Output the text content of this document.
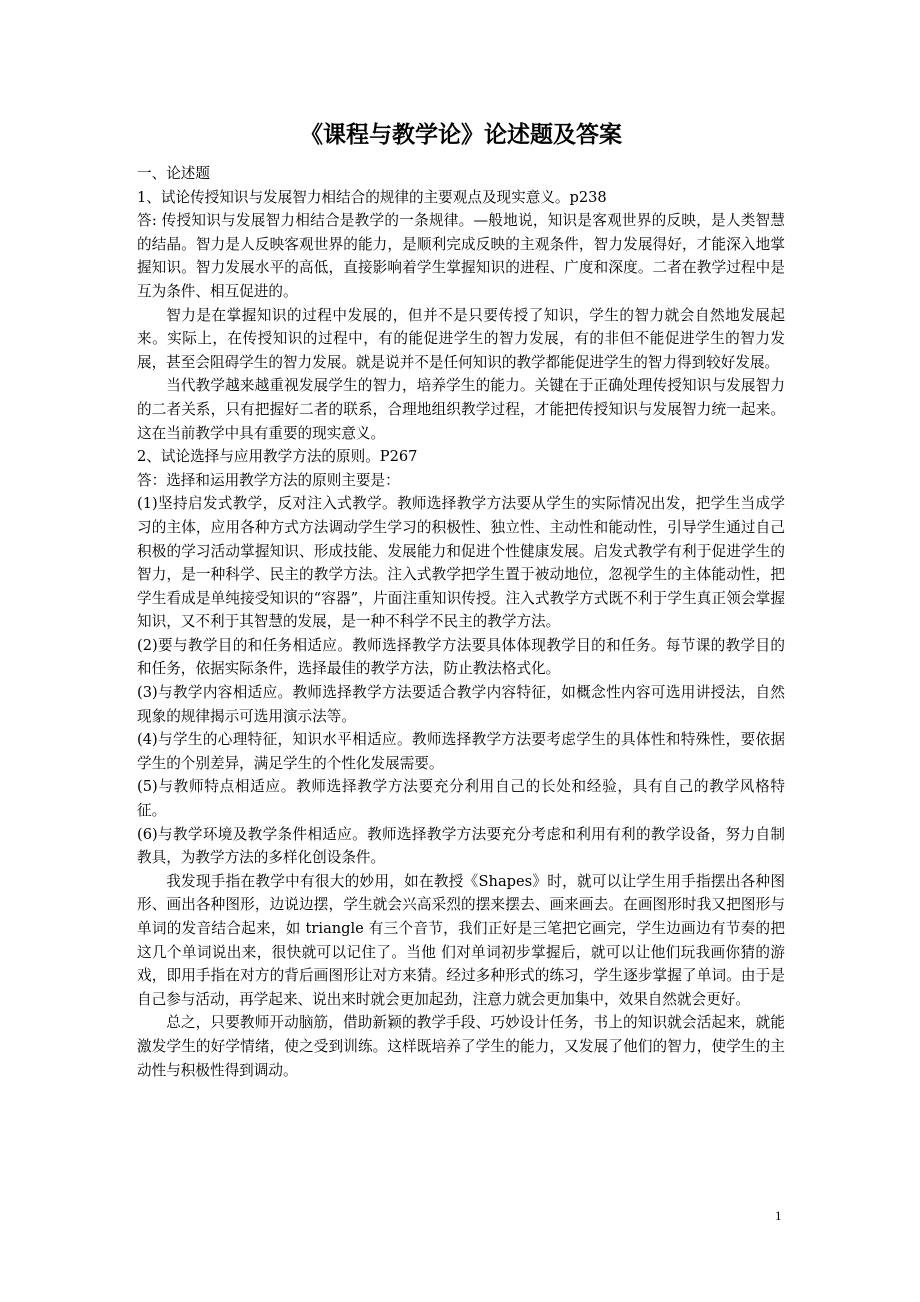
《课程与教学论》论述题及答案

一、论述题

1、试论传授知识与发展智力相结合的规律的主要观点及现实意义。p238

答: 传授知识与发展智力相结合是教学的一条规律。—般地说，知识是客观世界的反映，是人类智慧的结晶。智力是人反映客观世界的能力，是顺利完成反映的主观条件，智力发展得好，才能深入地掌握知识。智力发展水平的高低，直接影响着学生掌握知识的进程、广度和深度。二者在教学过程中是互为条件、相互促进的。

智力是在掌握知识的过程中发展的，但并不是只要传授了知识，学生的智力就会自然地发展起来。实际上，在传授知识的过程中，有的能促进学生的智力发展，有的非但不能促进学生的智力发展，甚至会阻碍学生的智力发展。就是说并不是任何知识的教学都能促进学生的智力得到较好发展。

当代教学越来越重视发展学生的智力，培养学生的能力。关键在于正确处理传授知识与发展智力的二者关系，只有把握好二者的联系，合理地组织教学过程，才能把传授知识与发展智力统一起来。这在当前教学中具有重要的现实意义。

2、试论选择与应用教学方法的原则。P267

答：选择和运用教学方法的原则主要是：

(1)坚持启发式教学，反对注入式教学。教师选择教学方法要从学生的实际情况出发，把学生当成学习的主体，应用各种方式方法调动学生学习的积极性、独立性、主动性和能动性，引导学生通过自己积极的学习活动掌握知识、形成技能、发展能力和促进个性健康发展。启发式教学有利于促进学生的智力，是一种科学、民主的教学方法。注入式教学把学生置于被动地位，忽视学生的主体能动性，把学生看成是单纯接受知识的“容器”，片面注重知识传授。注入式教学方式既不利于学生真正领会掌握知识，又不利于其智慧的发展，是一种不科学不民主的教学方法。

(2)要与教学目的和任务相适应。教师选择教学方法要具体体现教学目的和任务。每节课的教学目的和任务，依据实际条件，选择最佳的教学方法，防止教法格式化。

(3)与教学内容相适应。教师选择教学方法要适合教学内容特征，如概念性内容可选用讲授法，自然现象的规律揭示可选用演示法等。

(4)与学生的心理特征，知识水平相适应。教师选择教学方法要考虑学生的具体性和特殊性，要依据学生的个别差异，满足学生的个性化发展需要。

(5)与教师特点相适应。教师选择教学方法要充分利用自己的长处和经验，具有自己的教学风格特征。

(6)与教学环境及教学条件相适应。教师选择教学方法要充分考虑和利用有利的教学设备，努力自制教具，为教学方法的多样化创设条件。

我发现手指在教学中有很大的妙用，如在教授《Shapes》时，就可以让学生用手指摆出各种图形、画出各种图形，边说边摆，学生就会兴高采烈的摆来摆去、画来画去。在画图形时我又把图形与单词的发音结合起来，如 triangle 有三个音节，我们正好是三笔把它画完，学生边画边有节奏的把这几个单词说出来，很快就可以记住了。当他 们对单词初步掌握后，就可以让他们玩我画你猜的游戏，即用手指在对方的背后画图形让对方来猜。经过多种形式的练习，学生逐步掌握了单词。由于是自己参与活动，再学起来、说出来时就会更加起劲，注意力就会更加集中，效果自然就会更好。

总之，只要教师开动脑筋，借助新颖的教学手段、巧妙设计任务，书上的知识就会活起来，就能激发学生的好学情绪，使之受到训练。这样既培养了学生的能力，又发展了他们的智力，使学生的主动性与积极性得到调动。

1
